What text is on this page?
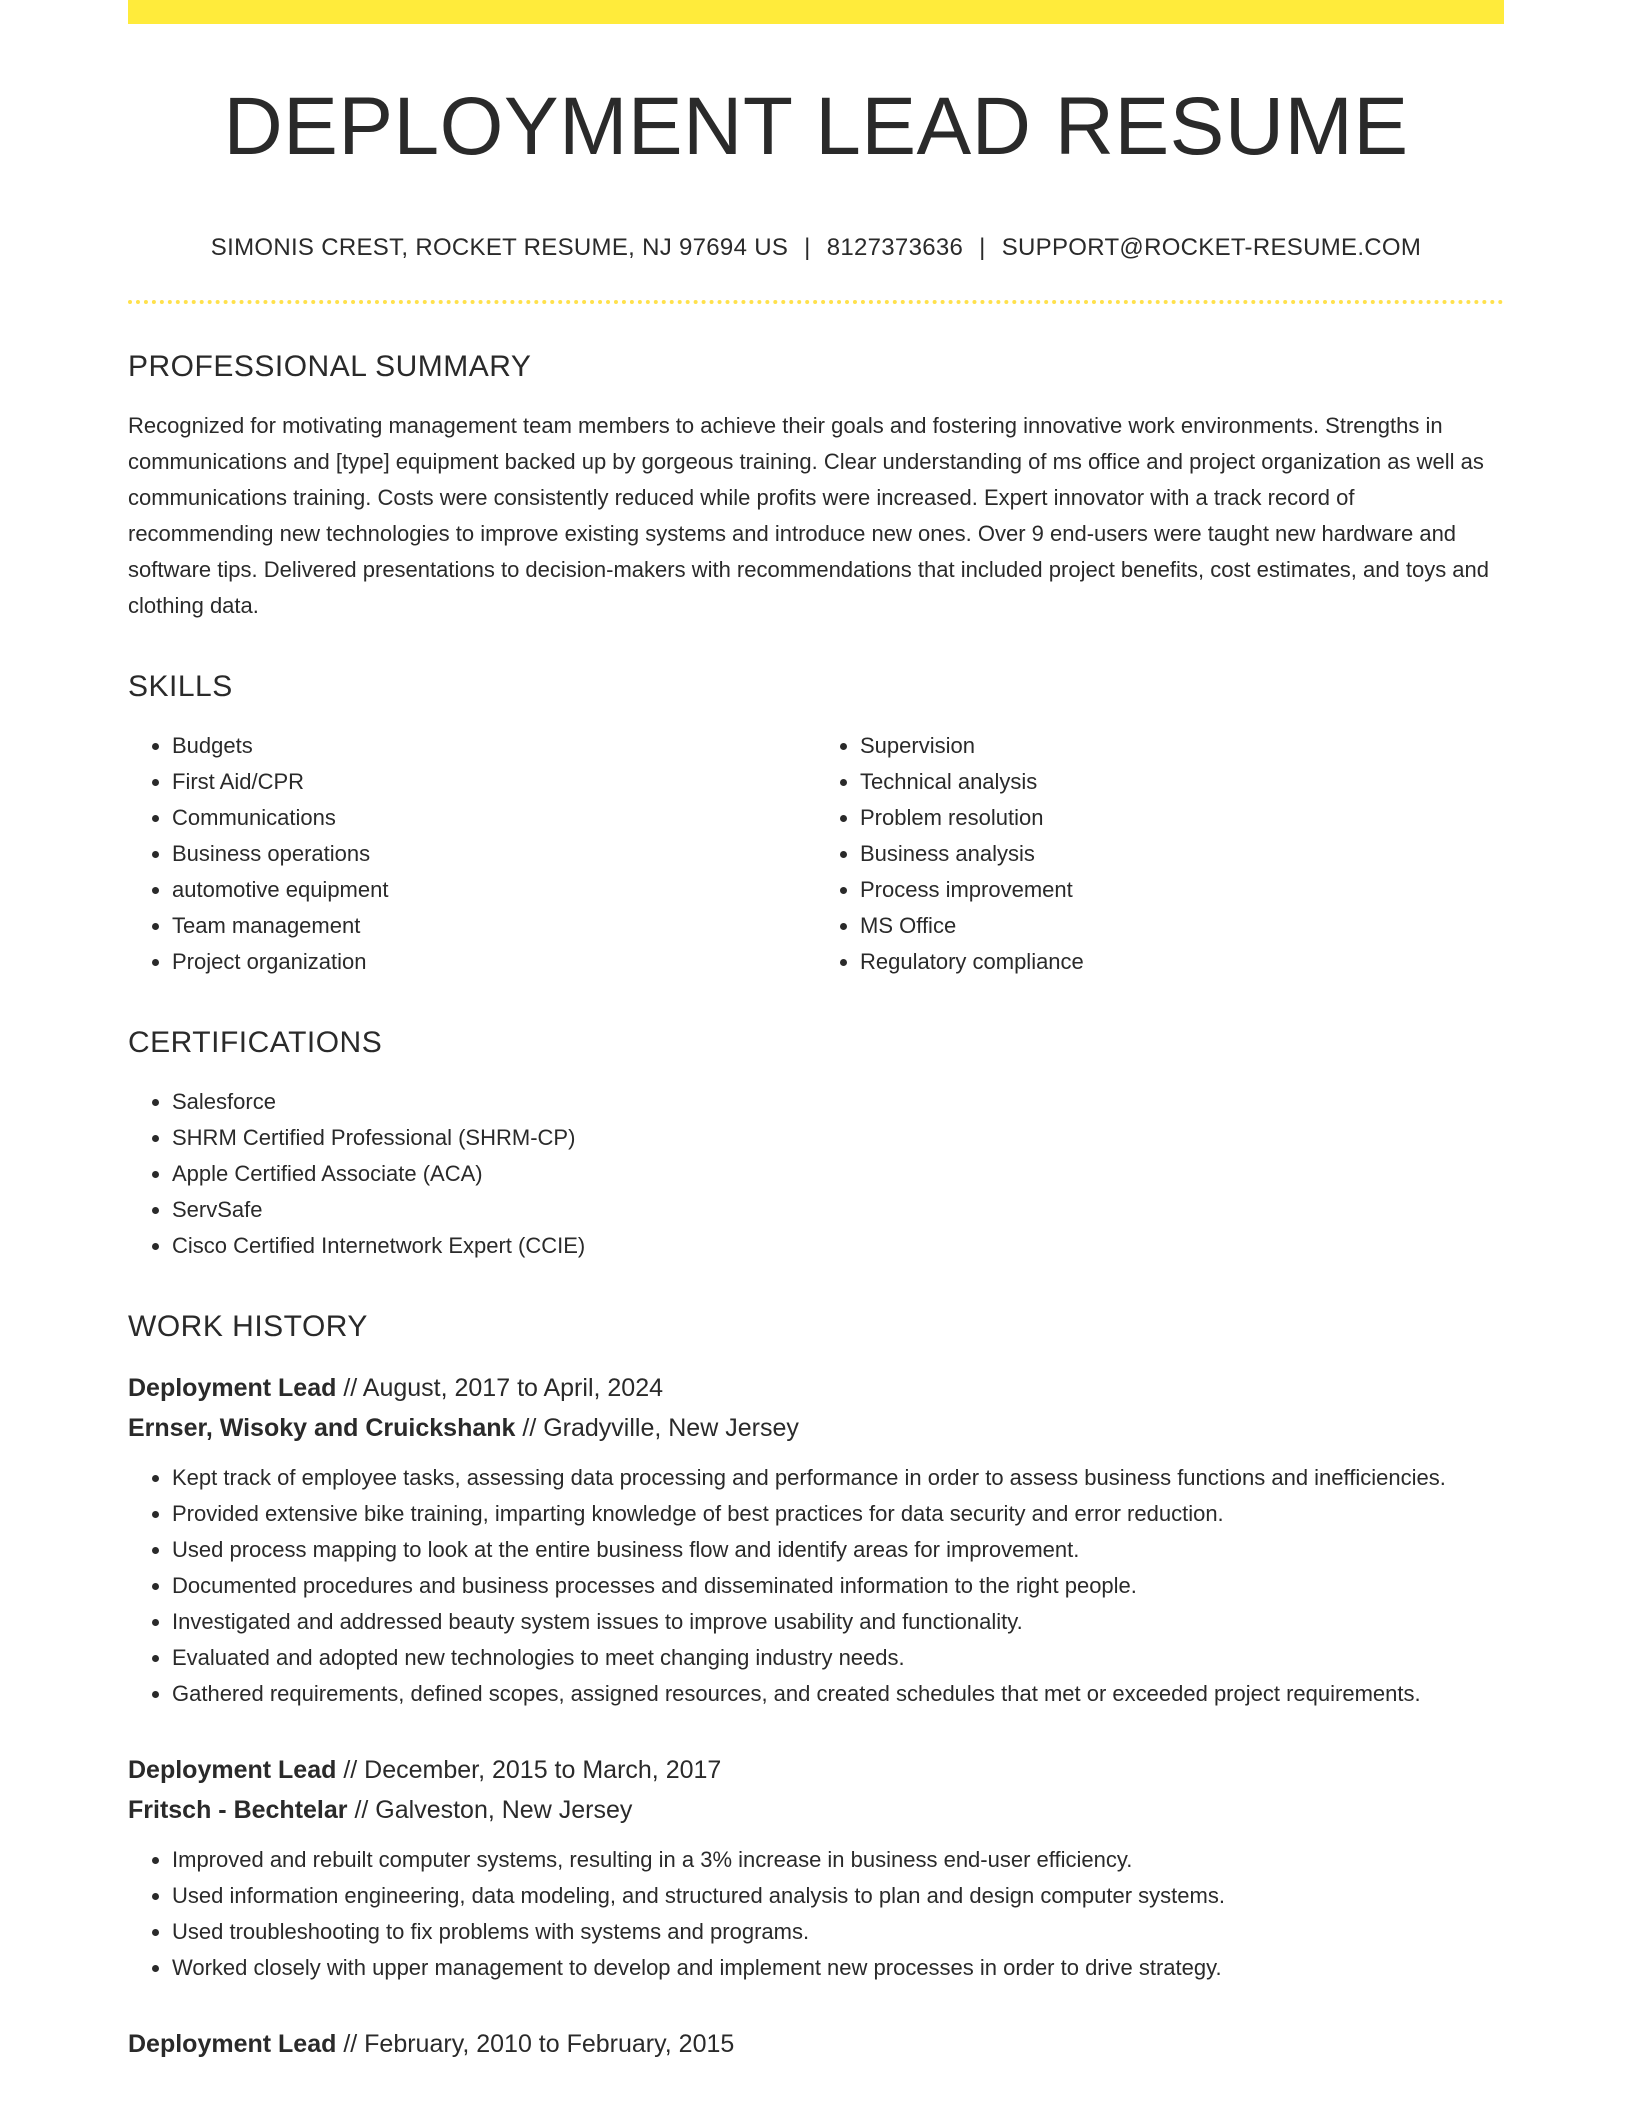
DEPLOYMENT LEAD RESUME
SIMONIS CREST, ROCKET RESUME, NJ 97694 US | 8127373636 | SUPPORT@ROCKET-RESUME.COM
PROFESSIONAL SUMMARY

Recognized for motivating management team members to achieve their goals and fostering innovative work environments. Strengths in communications and [type] equipment backed up by gorgeous training. Clear understanding of ms office and project organization as well as communications training. Costs were consistently reduced while profits were increased. Expert innovator with a track record of recommending new technologies to improve existing systems and introduce new ones. Over 9 end-users were taught new hardware and software tips. Delivered presentations to decision-makers with recommendations that included project benefits, cost estimates, and toys and clothing data.

SKILLS
• Budgets
• First Aid/CPR
• Communications
• Business operations
• automotive equipment
• Team management
• Project organization
• Supervision
• Technical analysis
• Problem resolution
• Business analysis
• Process improvement
• MS Office
• Regulatory compliance
CERTIFICATIONS
• Salesforce
• SHRM Certified Professional (SHRM-CP)
• Apple Certified Associate (ACA)
• ServSafe
• Cisco Certified Internetwork Expert (CCIE)
WORK HISTORY
Deployment Lead // August, 2017 to April, 2024
Ernser, Wisoky and Cruickshank // Gradyville, New Jersey
• Kept track of employee tasks, assessing data processing and performance in order to assess business functions and inefficiencies.
• Provided extensive bike training, imparting knowledge of best practices for data security and error reduction.
• Used process mapping to look at the entire business flow and identify areas for improvement.
• Documented procedures and business processes and disseminated information to the right people.
• Investigated and addressed beauty system issues to improve usability and functionality.
• Evaluated and adopted new technologies to meet changing industry needs.
• Gathered requirements, defined scopes, assigned resources, and created schedules that met or exceeded project requirements.
Deployment Lead // December, 2015 to March, 2017
Fritsch - Bechtelar // Galveston, New Jersey
• Improved and rebuilt computer systems, resulting in a 3% increase in business end-user efficiency.
• Used information engineering, data modeling, and structured analysis to plan and design computer systems.
• Used troubleshooting to fix problems with systems and programs.
• Worked closely with upper management to develop and implement new processes in order to drive strategy.
Deployment Lead // February, 2010 to February, 2015
